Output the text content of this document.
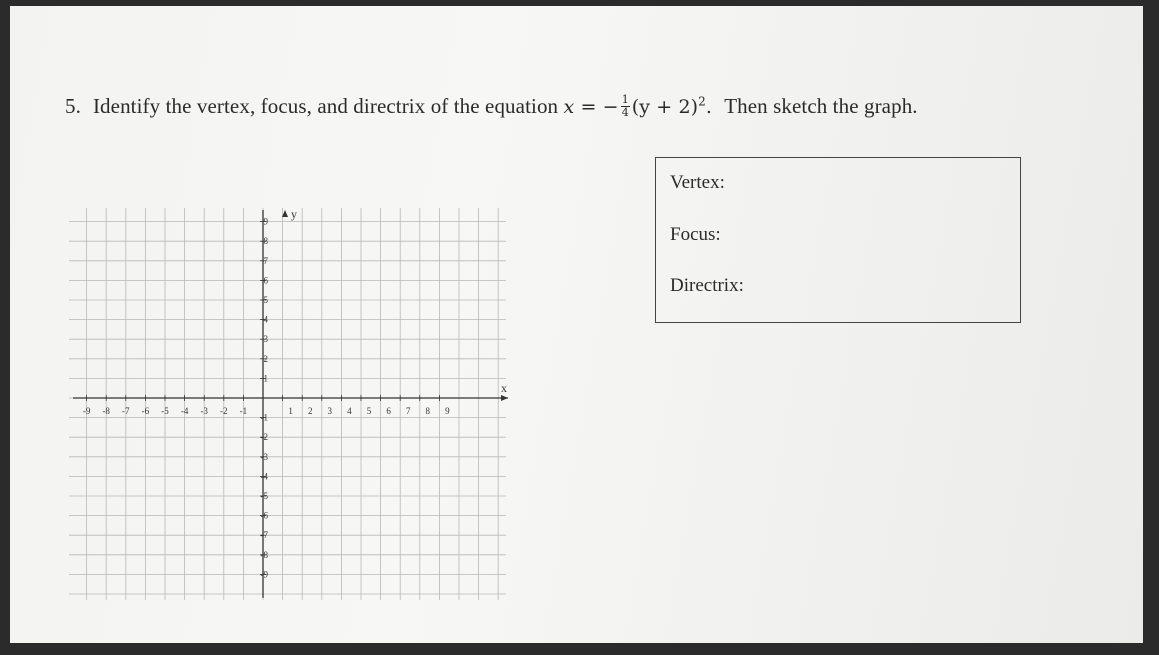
5. Identify the vertex, focus, and directrix of the equation x = − $\frac{1}{4} (y + 2)^2$. Then sketch the graph.
Vertex:
Focus:
Directrix:
-9 -8 -7 -6 -5 -4 -3 -2 -1	1 2 3 4 5 6 7 8 9
9
8
7
6
5
4
3
2
1
-1
-2
-3
-4
-5
-6
-7
-8
-9
x
y
